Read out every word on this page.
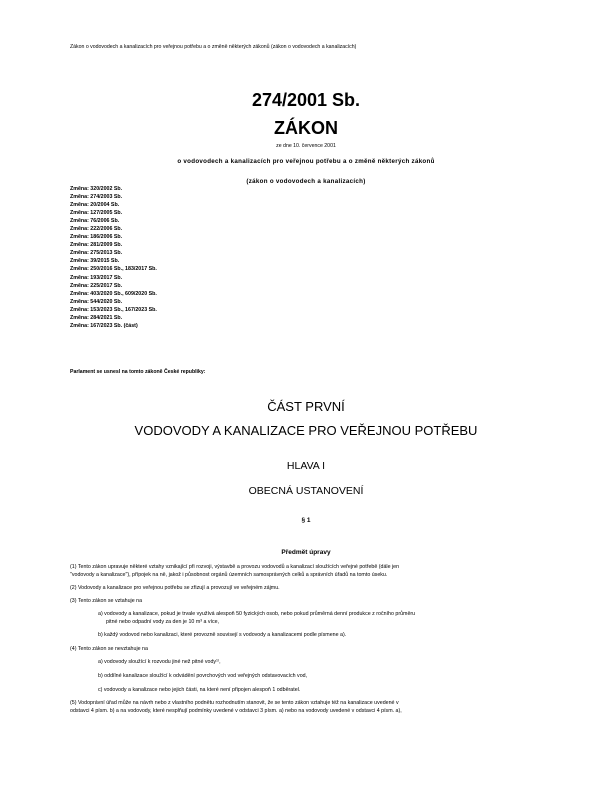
Zákon o vodovodech a kanalizacích pro veřejnou potřebu a o změně některých zákonů (zákon o vodovodech a kanalizacích)
274/2001 Sb.
ZÁKON
ze dne 10. července 2001
o vodovodech a kanalizacích pro veřejnou potřebu a o změně některých zákonů
(zákon o vodovodech a kanalizacích)
Změna: 320/2002 Sb.
Změna: 274/2003 Sb.
Změna: 20/2004 Sb.
Změna: 127/2005 Sb.
Změna: 76/2006 Sb.
Změna: 222/2006 Sb.
Změna: 186/2006 Sb.
Změna: 281/2009 Sb.
Změna: 275/2013 Sb.
Změna: 39/2015 Sb.
Změna: 250/2016 Sb., 183/2017 Sb.
Změna: 193/2017 Sb.
Změna: 225/2017 Sb.
Změna: 403/2020 Sb., 609/2020 Sb.
Změna: 544/2020 Sb.
Změna: 153/2023 Sb., 167/2023 Sb.
Změna: 284/2021 Sb.
Změna: 167/2023 Sb. (část)
Parlament se usnesl na tomto zákoně České republiky:
ČÁST PRVNÍ
VODOVODY A KANALIZACE PRO VEŘEJNOU POTŘEBU
HLAVA I
OBECNÁ USTANOVENÍ
§ 1
Předmět úpravy
(1) Tento zákon upravuje některé vztahy vznikající při rozvoji, výstavbě a provozu vodovodů a kanalizací sloužících veřejné potřebě (dále jen
"vodovody a kanalizace"), přípojek na ně, jakož i působnost orgánů územních samosprávných celků a správních úřadů na tomto úseku.
(2) Vodovody a kanalizace pro veřejnou potřebu se zřizují a provozují ve veřejném zájmu.
(3) Tento zákon se vztahuje na
a) vodovody a kanalizace, pokud je trvale využívá alespoň 50 fyzických osob, nebo pokud průměrná denní produkce z ročního průměru
pitné nebo odpadní vody za den je 10 m³ a více,
b) každý vodovod nebo kanalizaci, které provozně souvisejí s vodovody a kanalizacemi podle písmene a).
(4) Tento zákon se nevztahuje na
a) vodovody sloužící k rozvodu jiné než pitné vody¹⁾,
b) oddílné kanalizace sloužící k odvádění povrchových vod veřejných odstavovacích vod,
c) vodovody a kanalizace nebo jejich části, na které není připojen alespoň 1 odběratel.
(5) Vodoprávní úřad může na návrh nebo z vlastního podnětu rozhodnutím stanovit, že se tento zákon vztahuje též na kanalizace uvedené v
odstavci 4 písm. b) a na vodovody, které nesplňují podmínky uvedené v odstavci 3 písm. a) nebo na vodovody uvedené v odstavci 4 písm. a),
